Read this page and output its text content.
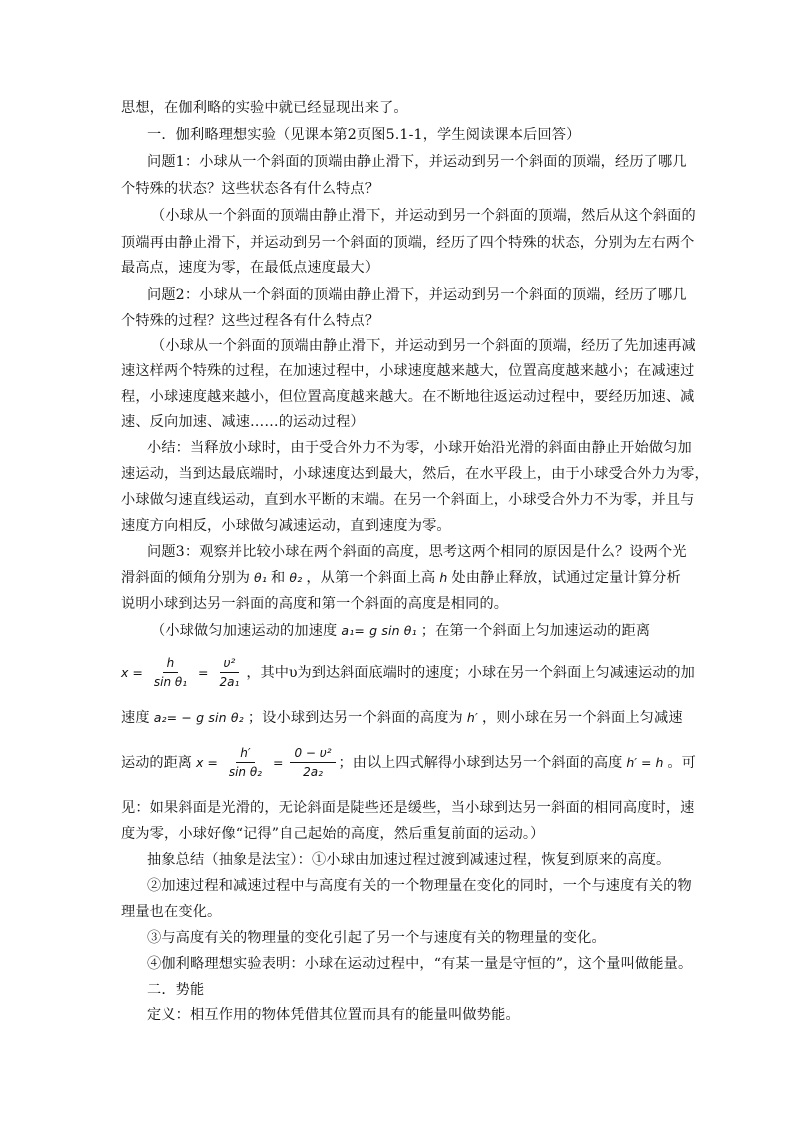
思想，在伽利略的实验中就已经显现出来了。
一．伽利略理想实验（见课本第2页图5.1-1，学生阅读课本后回答）
问题1：小球从一个斜面的顶端由静止滑下，并运动到另一个斜面的顶端，经历了哪几
个特殊的状态？这些状态各有什么特点？
（小球从一个斜面的顶端由静止滑下，并运动到另一个斜面的顶端，然后从这个斜面的
顶端再由静止滑下，并运动到另一个斜面的顶端，经历了四个特殊的状态，分别为左右两个
最高点，速度为零，在最低点速度最大）
问题2：小球从一个斜面的顶端由静止滑下，并运动到另一个斜面的顶端，经历了哪几
个特殊的过程？这些过程各有什么特点？
（小球从一个斜面的顶端由静止滑下，并运动到另一个斜面的顶端，经历了先加速再减
速这样两个特殊的过程，在加速过程中，小球速度越来越大，位置高度越来越小；在减速过
程，小球速度越来越小，但位置高度越来越大。在不断地往返运动过程中，要经历加速、减
速、反向加速、减速……的运动过程）
小结：当释放小球时，由于受合外力不为零，小球开始沿光滑的斜面由静止开始做匀加
速运动，当到达最底端时，小球速度达到最大，然后，在水平段上，由于小球受合外力为零，
小球做匀速直线运动，直到水平断的末端。在另一个斜面上，小球受合外力不为零，并且与
速度方向相反，小球做匀减速运动，直到速度为零。
问题3：观察并比较小球在两个斜面的高度，思考这两个相同的原因是什么？设两个光
滑斜面的倾角分别为 θ₁ 和 θ₂ ，从第一个斜面上高 h 处由静止释放，试通过定量计算分析
说明小球到达另一斜面的高度和第一个斜面的高度是相同的。
（小球做匀加速运动的加速度 a₁= g sin θ₁ ；在第一个斜面上匀加速运动的距离
$x = \frac{h}{\text{sin θ₁}} = \frac{\text{υ²}}{\text{2a₁}}$ ，其中υ为到达斜面底端时的速度；小球在另一个斜面上匀减速运动的加
速度 a₂= − g sin θ₂ ；设小球到达另一个斜面的高度为 h′ ，则小球在另一个斜面上匀减速
运动的距离 $x = \frac{h'}{\text{sin θ₂}} = \frac{\text{0 − υ²}}{\text{2a₂}}$ ；由以上四式解得小球到达另一个斜面的高度 h′ = h 。可
见：如果斜面是光滑的，无论斜面是陡些还是缓些，当小球到达另一斜面的相同高度时，速
度为零，小球好像“记得”自己起始的高度，然后重复前面的运动。）
抽象总结（抽象是法宝）：①小球由加速过程过渡到减速过程，恢复到原来的高度。
②加速过程和减速过程中与高度有关的一个物理量在变化的同时，一个与速度有关的物
理量也在变化。
③与高度有关的物理量的变化引起了另一个与速度有关的物理量的变化。
④伽利略理想实验表明：小球在运动过程中，“有某一量是守恒的”，这个量叫做能量。
二．势能
定义：相互作用的物体凭借其位置而具有的能量叫做势能。
